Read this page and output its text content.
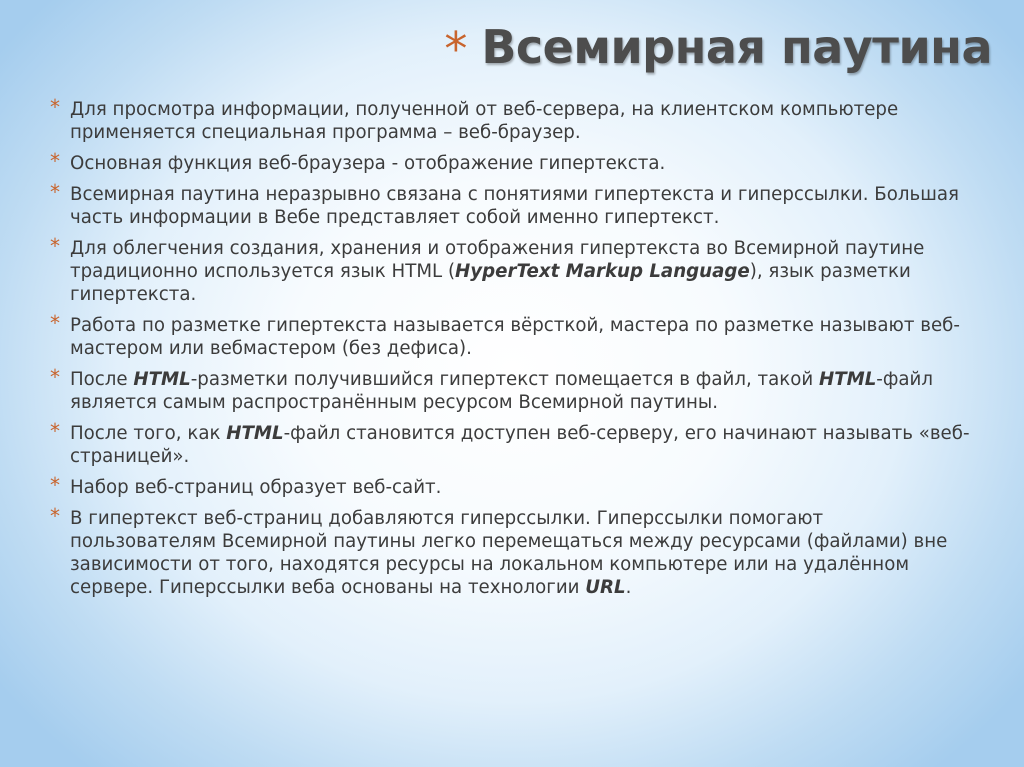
* Всемирная паутина
* Для просмотра информации, полученной от веб-сервера, на клиентском компьютере применяется специальная программа – веб-браузер.
* Основная функция веб-браузера - отображение гипертекста.
* Всемирная паутина неразрывно связана с понятиями гипертекста и гиперссылки. Большая часть информации в Вебе представляет собой именно гипертекст.
* Для облегчения создания, хранения и отображения гипертекста во Всемирной паутине традиционно используется язык HTML (HyperText Markup Language), язык разметки гипертекста.
* Работа по разметке гипертекста называется вёрсткой, мастера по разметке называют веб-мастером или вебмастером (без дефиса).
* После HTML-разметки получившийся гипертекст помещается в файл, такой HTML-файл является самым распространённым ресурсом Всемирной паутины.
* После того, как HTML-файл становится доступен веб-серверу, его начинают называть «веб-страницей».
* Набор веб-страниц образует веб-сайт.
* В гипертекст веб-страниц добавляются гиперссылки. Гиперссылки помогают пользователям Всемирной паутины легко перемещаться между ресурсами (файлами) вне зависимости от того, находятся ресурсы на локальном компьютере или на удалённом сервере. Гиперссылки веба основаны на технологии URL.
